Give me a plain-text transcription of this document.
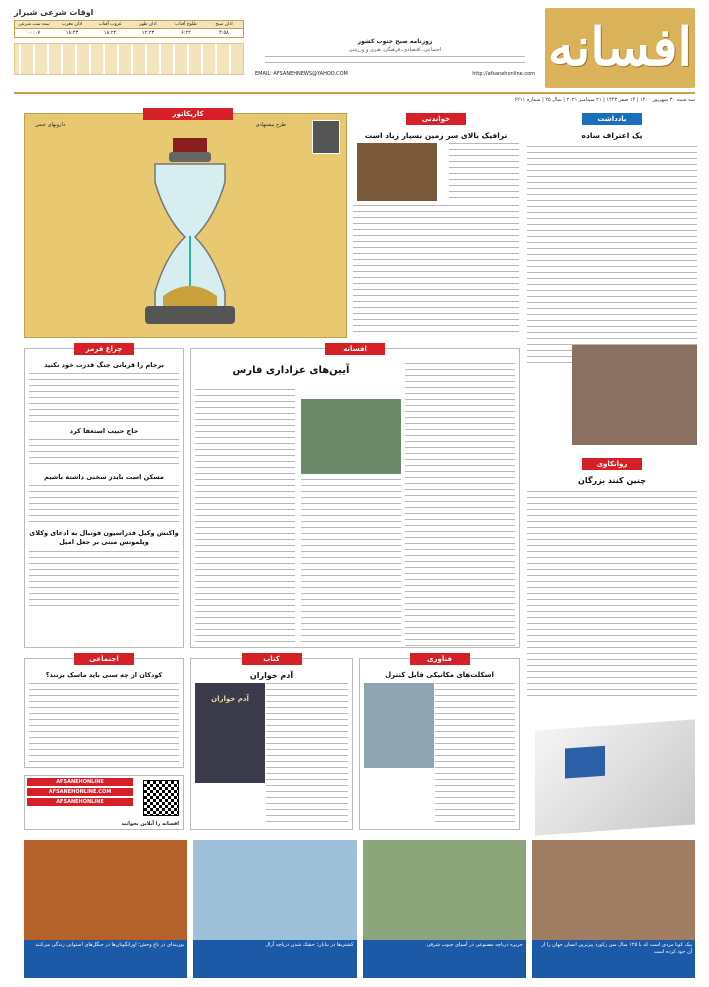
افسانه
روزنامه صبح جنوب کشور
اجتماعی، اقتصادی، فرهنگی، هنری و ورزشی
EMAIL: AFSANEHNEWS@YAHOO.COM	http://afsanehonline.com
اوقات شرعی شیراز
اذان صبح
طلوع آفتاب
اذان ظهر
غروب آفتاب
اذان مغرب
نیمه شب شرعی
۴:۵۸
۶:۲۲
۱۲:۲۳
۱۸:۲۴
۱۸:۴۳
۰۰:۰۷
سه شنبه ۳۰ شهریور ۱۴۰۰ | ۱۴ صفر ۱۴۴۳ | ۲۱ سپتامبر ۲۰۲۱ | سال ۲۵ | شماره ۶۲۱۱
کاریکاتور
طرح پیشنهادی
دارویهای جنس
خواندنی
ترافیک بالای سر زمین بسیار زیاد است
یادداشت
یک اعتراف ساده
چراغ قرمز
برجام را قربانی جنگ قدرت خود نکنید
حاج حبیب استعفا کرد
مسکن است بایدز سخنی داشته باشیم
واکنش وکیل فدراسیون فوتبال به ادعای وکلای ویلموتس مبنی بر جعل امیل
افسانه
آیین‌های عزاداری فارس
روانکاوی
چنین کنند بزرگان
اجتماعی
کودکان از چه سنی باید ماسک بزنند؟
AFSANEHONLINE
AFSANEHONLINE.COM
AFSANEHONLINE
افسانه را آنلاین بخوانید
کتاب
آدم خواران
آدم خواران
فناوری
اسکلت‌های مکانیکی قابل کنترل
پیک کوبا مردی است که با ۱۲۵ سال سن رکورد پیرترین انسان جهان را از آن خود کرده است
جزیره دریاچه مصنوعی در آسیای جنوب شرقی
کشتی‌ها در بیابان؛ خشک شدن دریاچه آرال
بوزینه‌ای در باغ وحش؛ اورانگوتان‌ها در جنگل‌های استوایی زندگی می‌کنند
